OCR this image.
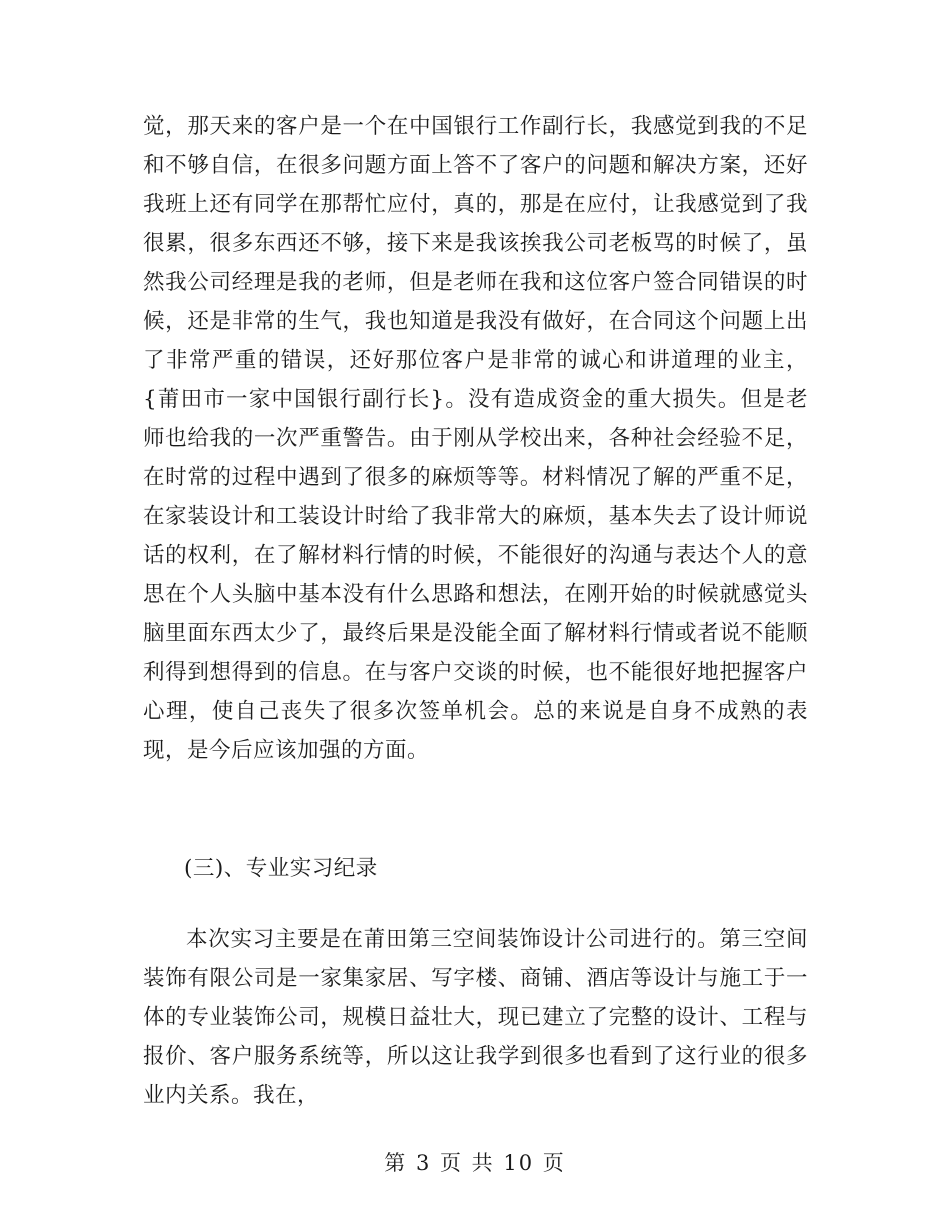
觉，那天来的客户是一个在中国银行工作副行长，我感觉到我的不足和不够自信，在很多问题方面上答不了客户的问题和解决方案，还好我班上还有同学在那帮忙应付，真的，那是在应付，让我感觉到了我很累，很多东西还不够，接下来是我该挨我公司老板骂的时候了，虽然我公司经理是我的老师，但是老师在我和这位客户签合同错误的时候，还是非常的生气，我也知道是我没有做好，在合同这个问题上出了非常严重的错误，还好那位客户是非常的诚心和讲道理的业主，{莆田市一家中国银行副行长}。没有造成资金的重大损失。但是老师也给我的一次严重警告。由于刚从学校出来，各种社会经验不足，在时常的过程中遇到了很多的麻烦等等。材料情况了解的严重不足，在家装设计和工装设计时给了我非常大的麻烦，基本失去了设计师说话的权利，在了解材料行情的时候，不能很好的沟通与表达个人的意思在个人头脑中基本没有什么思路和想法，在刚开始的时候就感觉头脑里面东西太少了，最终后果是没能全面了解材料行情或者说不能顺利得到想得到的信息。在与客户交谈的时候，也不能很好地把握客户心理，使自己丧失了很多次签单机会。总的来说是自身不成熟的表现，是今后应该加强的方面。

(三)、专业实习纪录

本次实习主要是在莆田第三空间装饰设计公司进行的。第三空间装饰有限公司是一家集家居、写字楼、商铺、酒店等设计与施工于一体的专业装饰公司，规模日益壮大，现已建立了完整的设计、工程与报价、客户服务系统等，所以这让我学到很多也看到了这行业的很多业内关系。我在，

第 3 页 共 10 页
